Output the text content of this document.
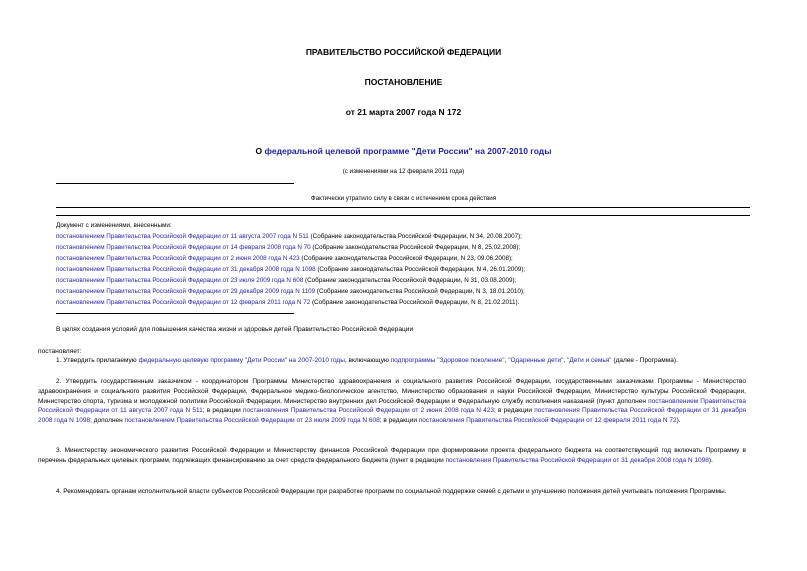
ПРАВИТЕЛЬСТВО РОССИЙСКОЙ ФЕДЕРАЦИИ
ПОСТАНОВЛЕНИЕ
от 21 марта 2007 года N 172
О федеральной целевой программе "Дети России" на 2007-2010 годы
(с изменениями на 12 февраля 2011 года)
Фактически утратило силу в связи с истечением срока действия
Документ с изменениями, внесенными:
постановлением Правительства Российской Федерации от 11 августа 2007 года N 511 (Собрание законодательства Российской Федерации, N 34, 20.08.2007);
постановлением Правительства Российской Федерации от 14 февраля 2008 года N 70 (Собрание законодательства Российской Федерации, N 8, 25.02.2008);
постановлением Правительства Российской Федерации от 2 июня 2008 года N 423 (Собрание законодательства Российской Федерации, N 23, 09.06.2008);
постановлением Правительства Российской Федерации от 31 декабря 2008 года N 1098 (Собрание законодательства Российской Федерации, N 4, 26.01.2009);
постановлением Правительства Российской Федерации от 23 июля 2009 года N 608 (Собрание законодательства Российской Федерации, N 31, 03.08.2009);
постановлением Правительства Российской Федерации от 29 декабря 2009 года N 1109 (Собрание законодательства Российской Федерации, N 3, 18.01.2010);
постановлением Правительства Российской Федерации от 12 февраля 2011 года N 72 (Собрание законодательства Российской Федерации, N 8, 21.02.2011).
В целях создания условий для повышения качества жизни и здоровья детей Правительство Российской Федерации
постановляет:
1. Утвердить прилагаемую федеральную целевую программу "Дети России" на 2007-2010 годы, включающую подпрограммы "Здоровое поколение", "Одаренные дети", "Дети и семья" (далее - Программа).
2. Утвердить государственным заказчиком - координатором Программы Министерство здравоохранения и социального развития Российской Федерации, государственными заказчиками Программы - Министерство здравоохранения и социального развития Российской Федерации, Федеральное медико-биологическое агентство, Министерство образования и науки Российской Федерации, Министерство культуры Российской Федерации, Министерство спорта, туризма и молодежной политики Российской Федерации, Министерство внутренних дел Российской Федерации и Федеральную службу исполнения наказаний (пункт дополнен постановлением Правительства Российской Федерации от 11 августа 2007 года N 511; в редакции постановления Правительства Российской Федерации от 2 июня 2008 года N 423; в редакции постановления Правительства Российской Федерации от 31 декабря 2008 года N 1098; дополнен постановлением Правительства Российской Федерации от 23 июля 2009 года N 608; в редакции постановления Правительства Российской Федерации от 12 февраля 2011 года N 72).
3. Министерству экономического развития Российской Федерации и Министерству финансов Российской Федерации при формировании проекта федерального бюджета на соответствующий год включать Программу в перечень федеральных целевых программ, подлежащих финансированию за счет средств федерального бюджета (пункт в редакции постановления Правительства Российской Федерации от 31 декабря 2008 года N 1098).
4. Рекомендовать органам исполнительной власти субъектов Российской Федерации при разработке программ по социальной поддержке семей с детьми и улучшению положения детей учитывать положения Программы.
